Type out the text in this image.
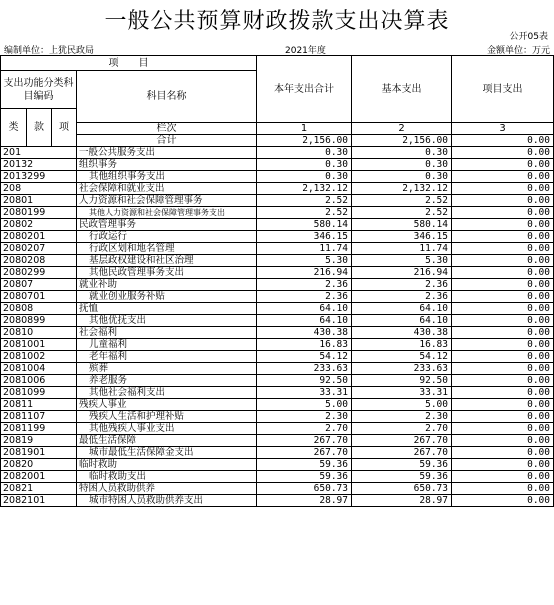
一般公共预算财政拨款支出决算表
公开05表
编制单位：上犹民政局	2021年度	金额单位：万元
项　　目				本年支出合计	基本支出	项目支出
支出功能分类科目编码			科目名称			
类	款	项				
			栏次	1	2	3
			合计	2,156.00	2,156.00	0.00
201			一般公共服务支出	0.30	0.30	0.00
20132			组织事务	0.30	0.30	0.00
2013299			其他组织事务支出	0.30	0.30	0.00
208			社会保障和就业支出	2,132.12	2,132.12	0.00
20801			人力资源和社会保障管理事务	2.52	2.52	0.00
2080199			其他人力资源和社会保障管理事务支出	2.52	2.52	0.00
20802			民政管理事务	580.14	580.14	0.00
2080201			行政运行	346.15	346.15	0.00
2080207			行政区划和地名管理	11.74	11.74	0.00
2080208			基层政权建设和社区治理	5.30	5.30	0.00
2080299			其他民政管理事务支出	216.94	216.94	0.00
20807			就业补助	2.36	2.36	0.00
2080701			就业创业服务补贴	2.36	2.36	0.00
20808			抚恤	64.10	64.10	0.00
2080899			其他优抚支出	64.10	64.10	0.00
20810			社会福利	430.38	430.38	0.00
2081001			儿童福利	16.83	16.83	0.00
2081002			老年福利	54.12	54.12	0.00
2081004			殡葬	233.63	233.63	0.00
2081006			养老服务	92.50	92.50	0.00
2081099			其他社会福利支出	33.31	33.31	0.00
20811			残疾人事业	5.00	5.00	0.00
2081107			残疾人生活和护理补贴	2.30	2.30	0.00
2081199			其他残疾人事业支出	2.70	2.70	0.00
20819			最低生活保障	267.70	267.70	0.00
2081901			城市最低生活保障金支出	267.70	267.70	0.00
20820			临时救助	59.36	59.36	0.00
2082001			临时救助支出	59.36	59.36	0.00
20821			特困人员救助供养	650.73	650.73	0.00
2082101			城市特困人员救助供养支出	28.97	28.97	0.00
